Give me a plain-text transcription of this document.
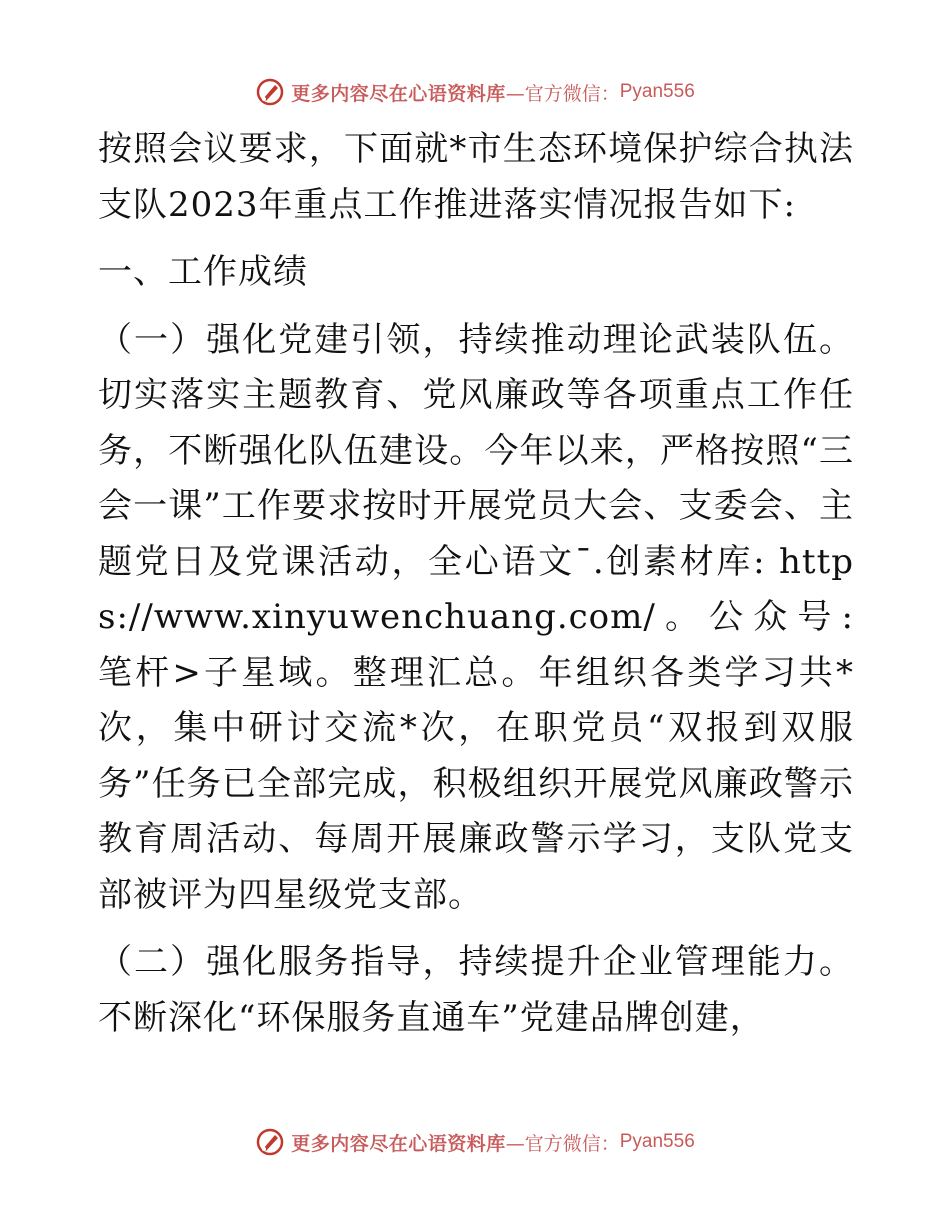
更多内容尽在心语资料库 —官方微信： Pyan556

按照会议要求，下面就*市生态环境保护综合执法支队2023年重点工作推进落实情况报告如下:

一、工作成绩

（一）强化党建引领，持续推动理论武装队伍。切实落实主题教育、党风廉政等各项重点工作任务，不断强化队伍建设。今年以来，严格按照“三会一课”工作要求按时开展党员大会、支委会、主题党日及党课活动，全心语文¯.创素材库: https://www.xinyuwenchuang.com/。公众号: 笔杆>子星域。整理汇总。年组织各类学习共*次，集中研讨交流*次，在职党员“双报到双服务”任务已全部完成，积极组织开展党风廉政警示教育周活动、每周开展廉政警示学习，支队党支部被评为四星级党支部。

（二）强化服务指导，持续提升企业管理能力。不断深化“环保服务直通车”党建品牌创建，

更多内容尽在心语资料库 —官方微信： Pyan556
